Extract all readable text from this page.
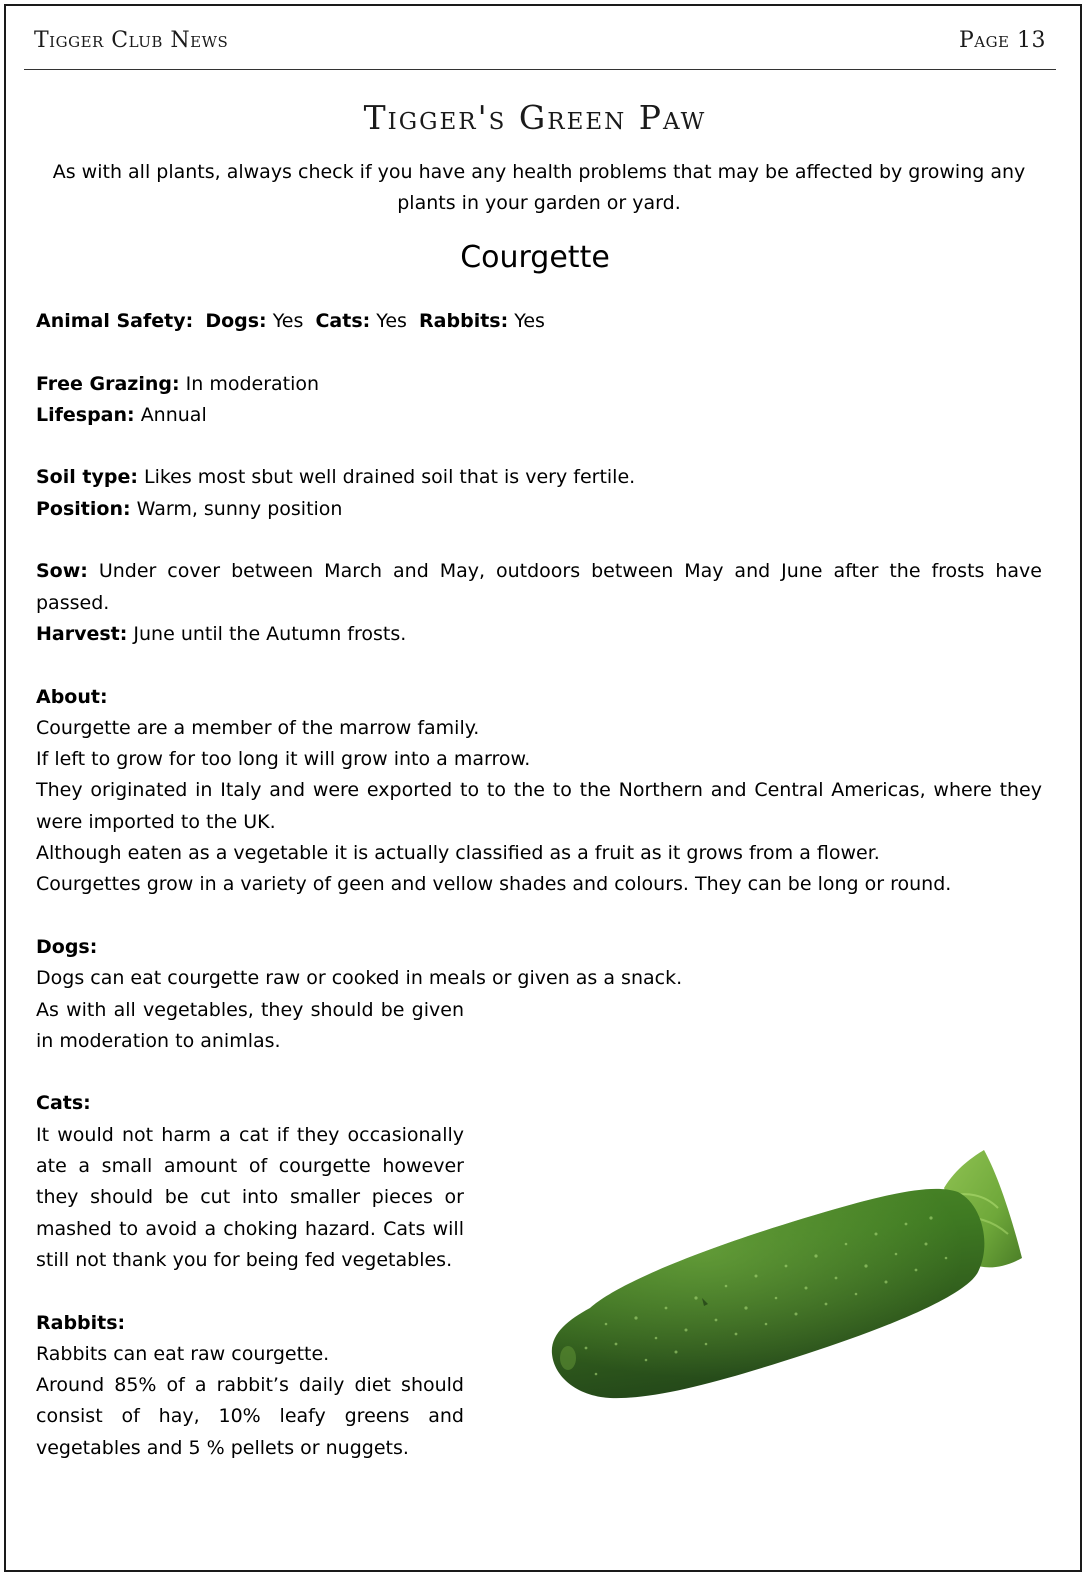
Tigger Club News	Page 13
Tigger's Green Paw
As with all plants, always check if you have any health problems that may be affected by growing any plants in your garden or yard.
Courgette

Animal Safety: Dogs: Yes Cats: Yes Rabbits: Yes

Free Grazing: In moderation

Lifespan: Annual

Soil type: Likes most sbut well drained soil that is very fertile.

Position: Warm, sunny position

Sow: Under cover between March and May, outdoors between May and June after the frosts have passed.

Harvest: June until the Autumn frosts.

About:

Courgette are a member of the marrow family.

If left to grow for too long it will grow into a marrow.

They originated in Italy and were exported to to the to the Northern and Central Americas, where they were imported to the UK.

Although eaten as a vegetable it is actually classified as a fruit as it grows from a flower.

Courgettes grow in a variety of geen and vellow shades and colours. They can be long or round.

Dogs:

Dogs can eat courgette raw or cooked in meals or given as a snack.

As with all vegetables, they should be given in moderation to animlas.

Cats:

It would not harm a cat if they occasionally ate a small amount of courgette however they should be cut into smaller pieces or mashed to avoid a choking hazard. Cats will still not thank you for being fed vegetables.

Rabbits:

Rabbits can eat raw courgette.

Around 85% of a rabbit’s daily diet should consist of hay, 10% leafy greens and vegetables and 5 % pellets or nuggets.
